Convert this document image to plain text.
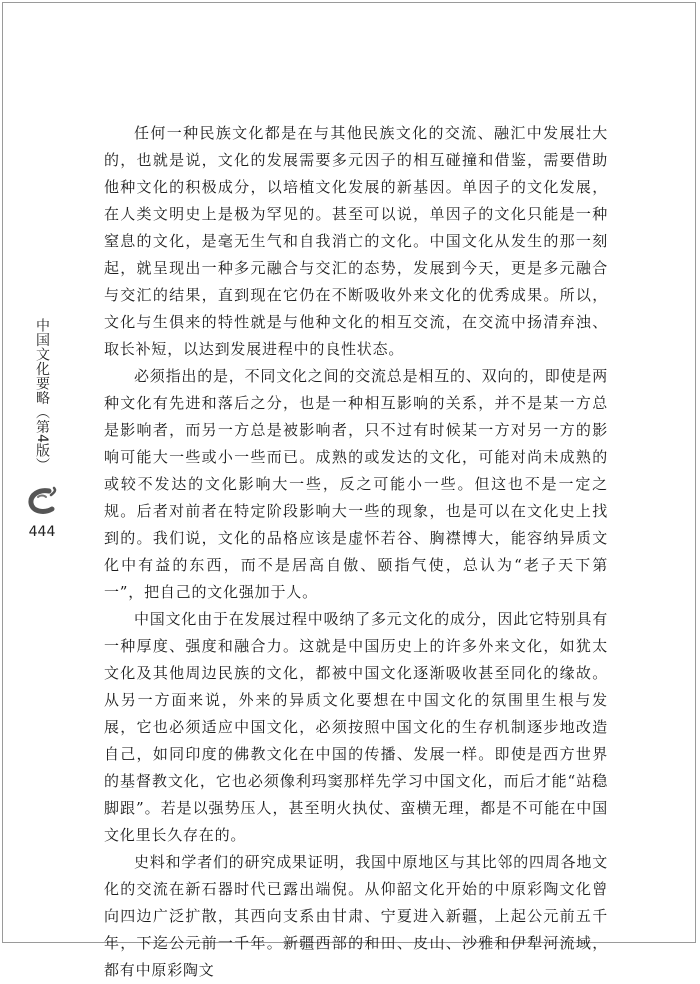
中国文化要略（第4版）
444

任何一种民族文化都是在与其他民族文化的交流、融汇中发展壮大的，也就是说，文化的发展需要多元因子的相互碰撞和借鉴，需要借助他种文化的积极成分，以培植文化发展的新基因。单因子的文化发展，在人类文明史上是极为罕见的。甚至可以说，单因子的文化只能是一种窒息的文化，是毫无生气和自我消亡的文化。中国文化从发生的那一刻起，就呈现出一种多元融合与交汇的态势，发展到今天，更是多元融合与交汇的结果，直到现在它仍在不断吸收外来文化的优秀成果。所以，文化与生俱来的特性就是与他种文化的相互交流，在交流中扬清弃浊、取长补短，以达到发展进程中的良性状态。

必须指出的是，不同文化之间的交流总是相互的、双向的，即使是两种文化有先进和落后之分，也是一种相互影响的关系，并不是某一方总是影响者，而另一方总是被影响者，只不过有时候某一方对另一方的影响可能大一些或小一些而已。成熟的或发达的文化，可能对尚未成熟的或较不发达的文化影响大一些，反之可能小一些。但这也不是一定之规。后者对前者在特定阶段影响大一些的现象，也是可以在文化史上找到的。我们说，文化的品格应该是虚怀若谷、胸襟博大，能容纳异质文化中有益的东西，而不是居高自傲、颐指气使，总认为“老子天下第一”，把自己的文化强加于人。

中国文化由于在发展过程中吸纳了多元文化的成分，因此它特别具有一种厚度、强度和融合力。这就是中国历史上的许多外来文化，如犹太文化及其他周边民族的文化，都被中国文化逐渐吸收甚至同化的缘故。从另一方面来说，外来的异质文化要想在中国文化的氛围里生根与发展，它也必须适应中国文化，必须按照中国文化的生存机制逐步地改造自己，如同印度的佛教文化在中国的传播、发展一样。即使是西方世界的基督教文化，它也必须像利玛窦那样先学习中国文化，而后才能“站稳脚跟”。若是以强势压人，甚至明火执仗、蛮横无理，都是不可能在中国文化里长久存在的。

史料和学者们的研究成果证明，我国中原地区与其比邻的四周各地文化的交流在新石器时代已露出端倪。从仰韶文化开始的中原彩陶文化曾向四边广泛扩散，其西向支系由甘肃、宁夏进入新疆，上起公元前五千年，下迄公元前一千年。新疆西部的和田、皮山、沙雅和伊犁河流域，都有中原彩陶文
